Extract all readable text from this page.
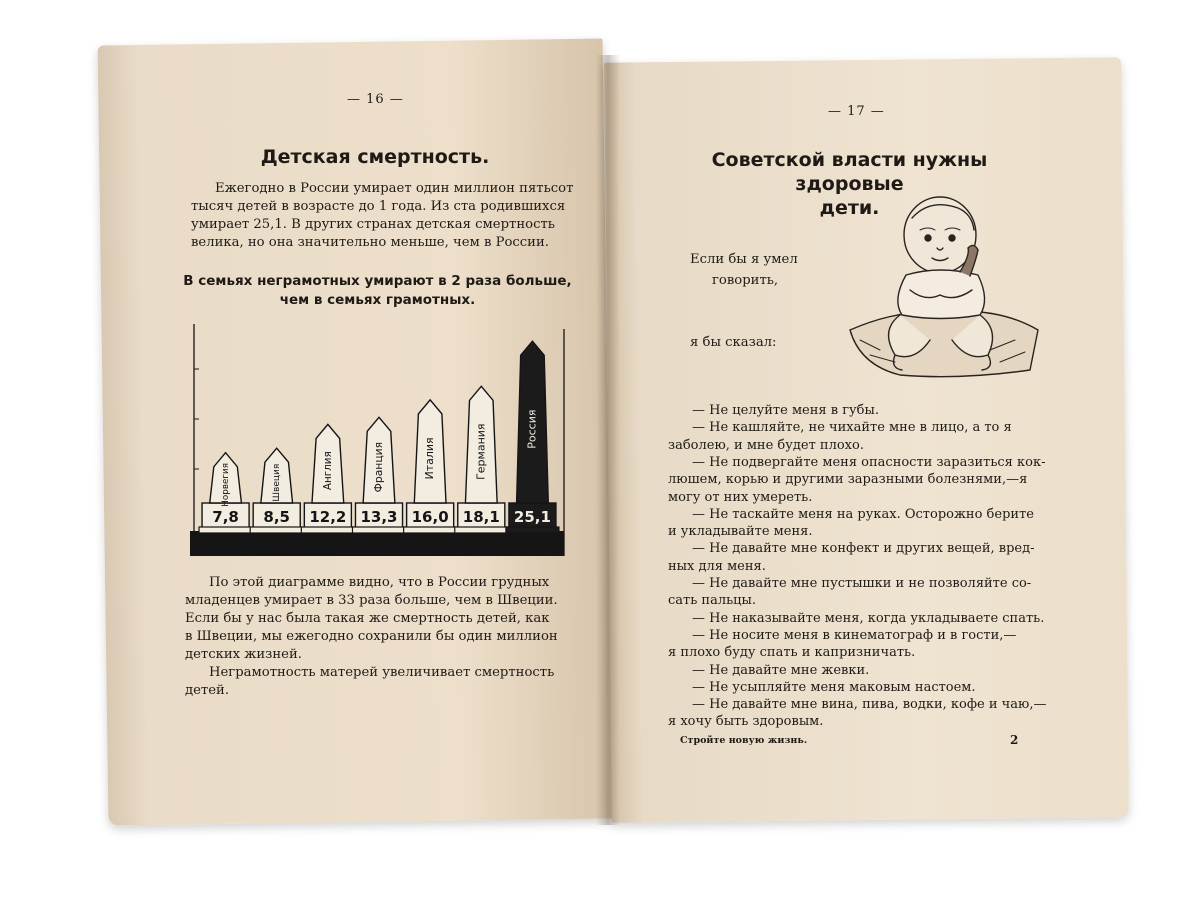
— 16 —
Детская смертность.
Ежегодно в России умирает один миллион пятьсот
тысяч детей в возрасте до 1 года. Из ста родившихся
умирает 25,1. В других странах детская смертность
велика, но она значительно меньше, чем в России.
В семьях неграмотных умирают в 2 раза больше,
чем в семьях грамотных.
7,8
Норвегия
8,5
Швеция
12,2
Англия
13,3
Франция
16,0
Италия
18,1
Германия
25,1
Россия
По этой диаграмме видно, что в России грудных
младенцев умирает в 33 раза больше, чем в Швеции.
Если бы у нас была такая же смертность детей, как
в Швеции, мы ежегодно сохранили бы один миллион
детских жизней.
Неграмотность матерей увеличивает смертность
детей.
— 17 —
Советской власти нужны здоровые
дети.
Если бы я умел
говорить,
я бы сказал:
— Не целуйте меня в губы.
— Не кашляйте, не чихайте мне в лицо, а то я
заболею, и мне будет плохо.
— Не подвергайте меня опасности заразиться кок-
люшем, корью и другими заразными болезнями,—я
могу от них умереть.
— Не таскайте меня на руках. Осторожно берите
и укладывайте меня.
— Не давайте мне конфект и других вещей, вред-
ных для меня.
— Не давайте мне пустышки и не позволяйте со-
сать пальцы.
— Не наказывайте меня, когда укладываете спать.
— Не носите меня в кинематограф и в гости,—
я плохо буду спать и капризничать.
— Не давайте мне жевки.
— Не усыпляйте меня маковым настоем.
— Не давайте мне вина, пива, водки, кофе и чаю,—
я хочу быть здоровым.
Стройте новую жизнь.	2
